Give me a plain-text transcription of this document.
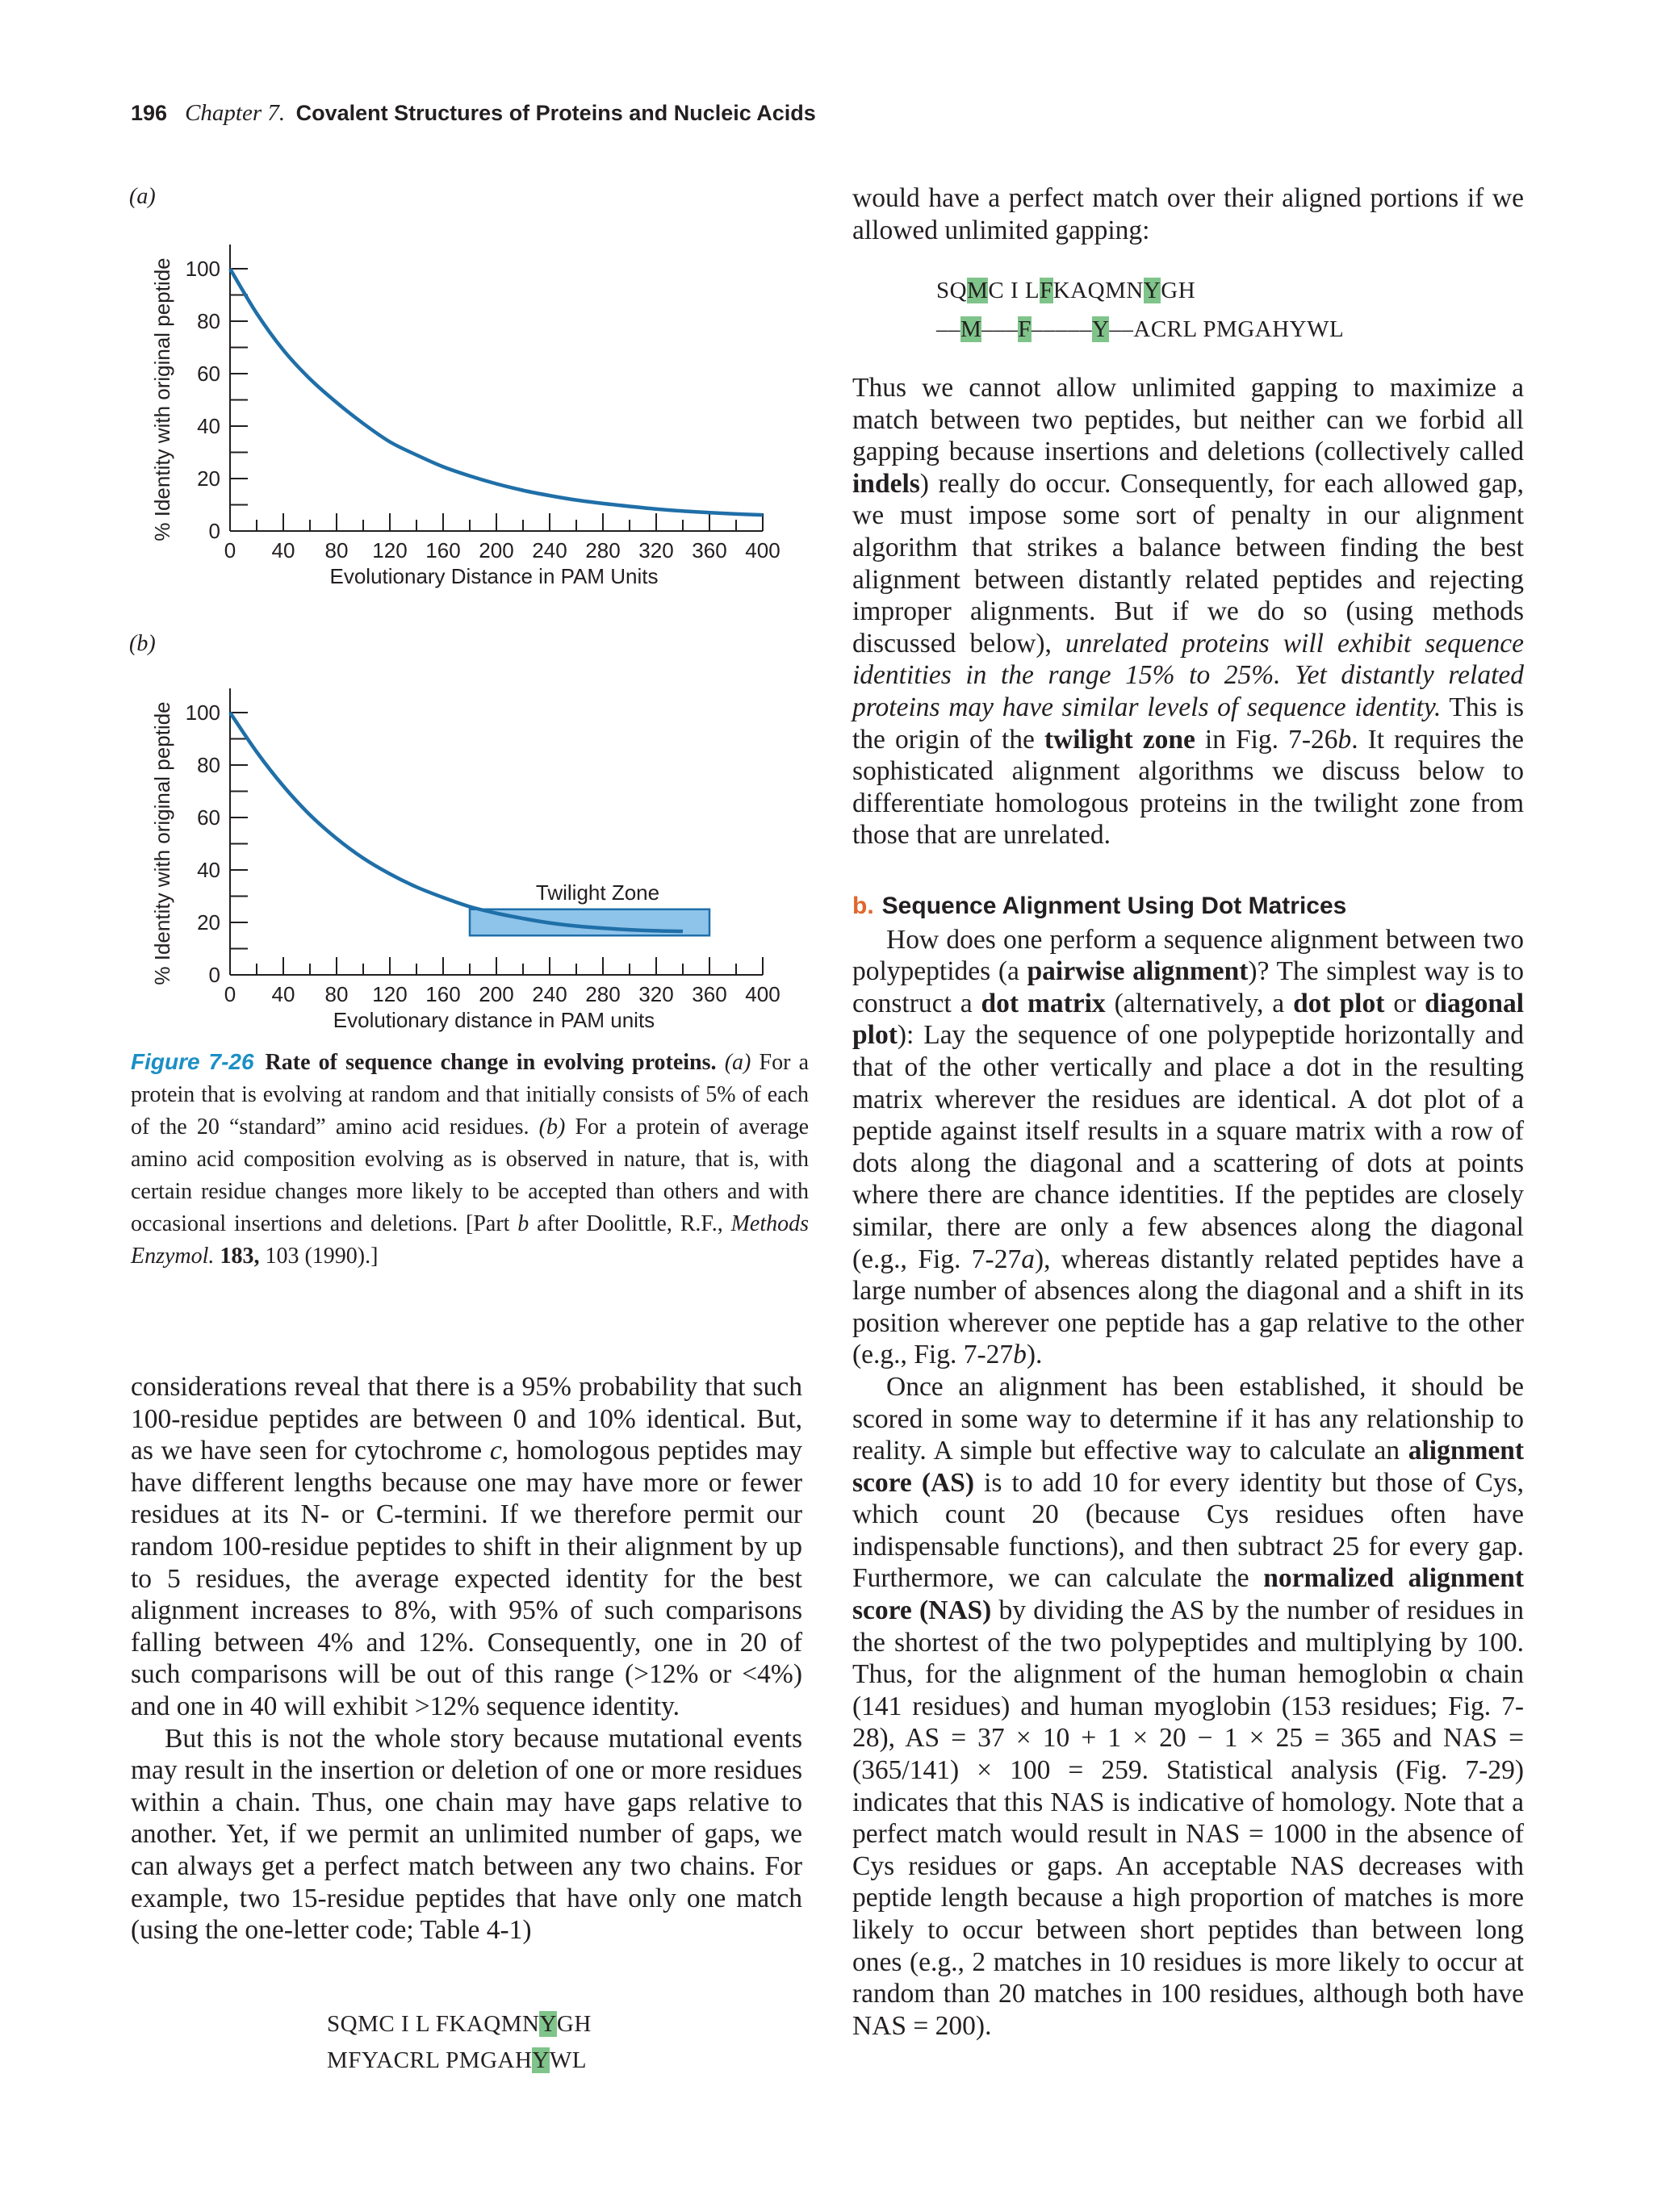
196 Chapter 7. Covalent Structures of Proteins and Nucleic Acids
(a)
(b)
% Identity with original peptide 0
20
40
60
80
100
0 40 80 120 160 200 240 280 320 360 400
Evolutionary Distance in PAM Units
% Identity with original peptide	Twilight Zone
0
20
40
60
80
100
0 40 80 120 160 200 240 280 320 360 400
Evolutionary distance in PAM units
Figure 7-26 Rate of sequence change in evolving proteins. (a) For a protein that is evolving at random and that initially consists of 5% of each of the 20 “standard” amino acid residues. (b) For a protein of average amino acid composition evolving as is observed in nature, that is, with certain residue changes more likely to be accepted than others and with occasional insertions and deletions. [Part b after Doolittle, R.F., Methods Enzymol. 183, 103 (1990).]

considerations reveal that there is a 95% probability that such 100-residue peptides are between 0 and 10% identical. But, as we have seen for cytochrome c, homologous peptides may have different lengths because one may have more or fewer residues at its N- or C-termini. If we therefore permit our random 100-residue peptides to shift in their alignment by up to 5 residues, the average expected identity for the best alignment increases to 8%, with 95% of such comparisons falling between 4% and 12%. Consequently, one in 20 of such comparisons will be out of this range (>12% or <4%) and one in 40 will exhibit >12% sequence identity.

But this is not the whole story because mutational events may result in the insertion or deletion of one or more residues within a chain. Thus, one chain may have gaps relative to another. Yet, if we permit an unlimited number of gaps, we can always get a perfect match between any two chains. For example, two 15-residue peptides that have only one match (using the one-letter code; Table 4-1)

SQMC I L FKAQMNYGH
MFYACRL PMGAHYWL
would have a perfect match over their aligned portions if we allowed unlimited gapping:
SQMC I LFKAQMNYGH
––M–––F–––––Y––ACRL PMGAHYWL

Thus we cannot allow unlimited gapping to maximize a match between two peptides, but neither can we forbid all gapping because insertions and deletions (collectively called indels) really do occur. Consequently, for each allowed gap, we must impose some sort of penalty in our alignment algorithm that strikes a balance between finding the best alignment between distantly related peptides and rejecting improper alignments. But if we do so (using methods discussed below), unrelated proteins will exhibit sequence identities in the range 15% to 25%. Yet distantly related proteins may have similar levels of sequence identity. This is the origin of the twilight zone in Fig. 7-26b. It requires the sophisticated alignment algorithms we discuss below to differentiate homologous proteins in the twilight zone from those that are unrelated.

b. Sequence Alignment Using Dot Matrices

How does one perform a sequence alignment between two polypeptides (a pairwise alignment)? The simplest way is to construct a dot matrix (alternatively, a dot plot or diagonal plot): Lay the sequence of one polypeptide horizontally and that of the other vertically and place a dot in the resulting matrix wherever the residues are identical. A dot plot of a peptide against itself results in a square matrix with a row of dots along the diagonal and a scattering of dots at points where there are chance identities. If the peptides are closely similar, there are only a few absences along the diagonal (e.g., Fig. 7-27a), whereas distantly related peptides have a large number of absences along the diagonal and a shift in its position wherever one peptide has a gap relative to the other (e.g., Fig. 7-27b).

Once an alignment has been established, it should be scored in some way to determine if it has any relationship to reality. A simple but effective way to calculate an alignment score (AS) is to add 10 for every identity but those of Cys, which count 20 (because Cys residues often have indispensable functions), and then subtract 25 for every gap. Furthermore, we can calculate the normalized alignment score (NAS) by dividing the AS by the number of residues in the shortest of the two polypeptides and multiplying by 100. Thus, for the alignment of the human hemoglobin α chain (141 residues) and human myoglobin (153 residues; Fig. 7-28), AS = 37 × 10 + 1 × 20 − 1 × 25 = 365 and NAS = (365/141) × 100 = 259. Statistical analysis (Fig. 7-29) indicates that this NAS is indicative of homology. Note that a perfect match would result in NAS = 1000 in the absence of Cys residues or gaps. An acceptable NAS decreases with peptide length because a high proportion of matches is more likely to occur between short peptides than between long ones (e.g., 2 matches in 10 residues is more likely to occur at random than 20 matches in 100 residues, although both have NAS = 200).
